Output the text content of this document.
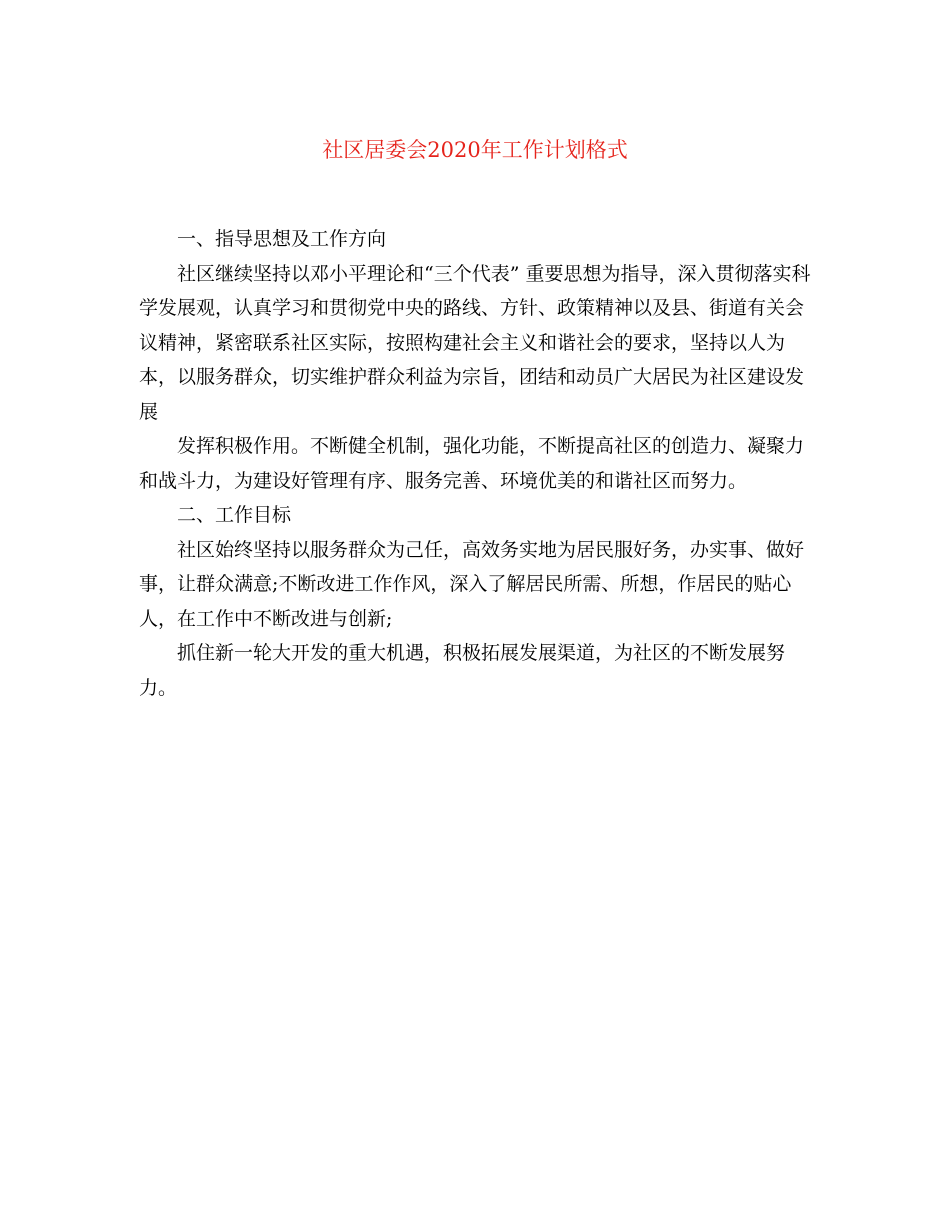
社区居委会2020年工作计划格式

一、指导思想及工作方向

社区继续坚持以邓小平理论和“三个代表” 重要思想为指导，深入贯彻落实科学发展观，认真学习和贯彻党中央的路线、方针、政策精神以及县、街道有关会议精神，紧密联系社区实际，按照构建社会主义和谐社会的要求，坚持以人为本，以服务群众，切实维护群众利益为宗旨，团结和动员广大居民为社区建设发展

发挥积极作用。不断健全机制，强化功能，不断提高社区的创造力、凝聚力和战斗力，为建设好管理有序、服务完善、环境优美的和谐社区而努力。

二、工作目标

社区始终坚持以服务群众为己任，高效务实地为居民服好务，办实事、做好事，让群众满意;不断改进工作作风，深入了解居民所需、所想，作居民的贴心人，在工作中不断改进与创新;

抓住新一轮大开发的重大机遇，积极拓展发展渠道，为社区的不断发展努力。
